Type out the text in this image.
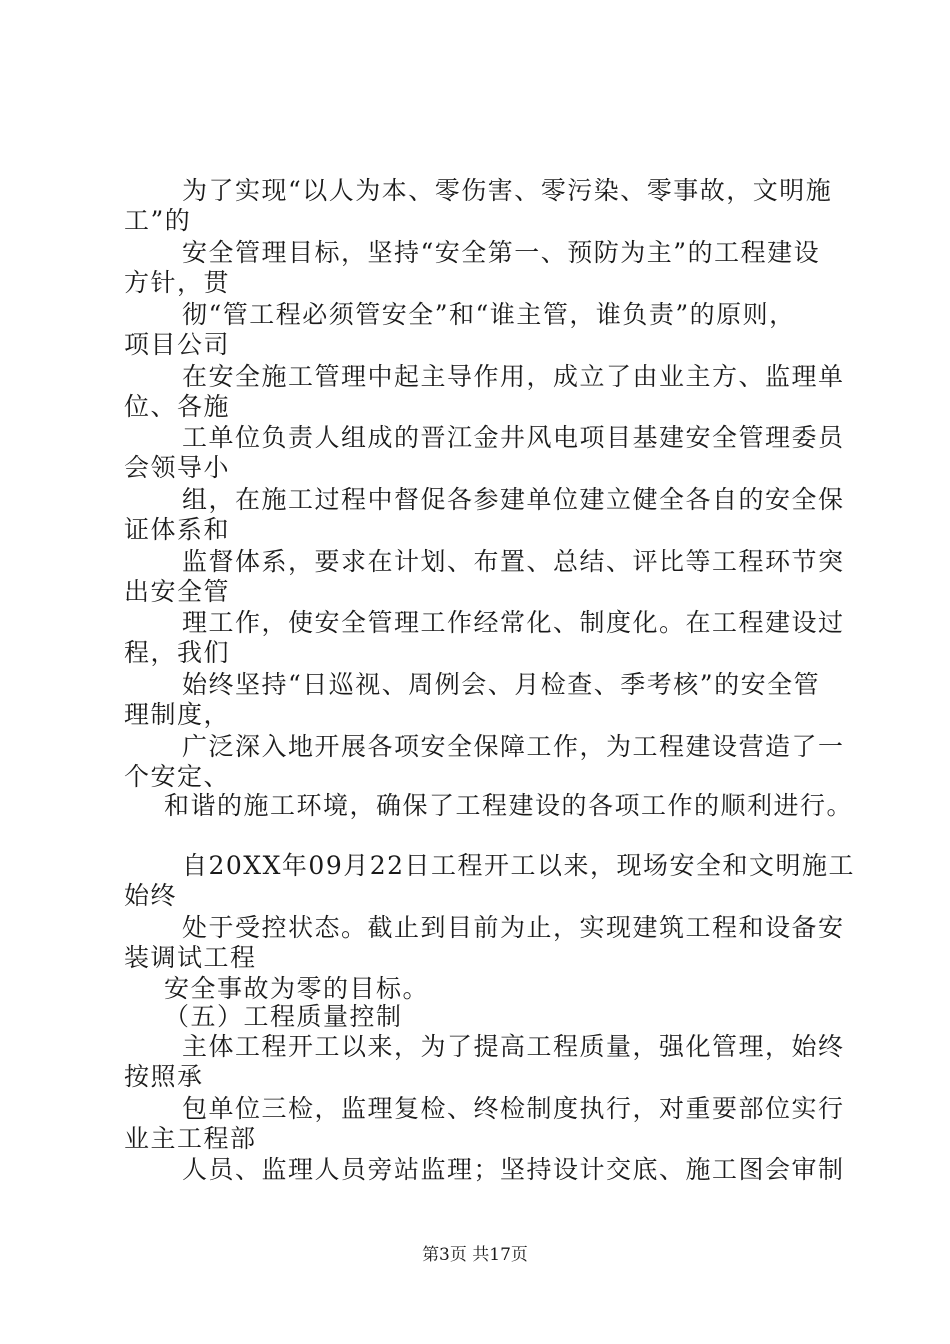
为了实现“以人为本、零伤害、零污染、零事故，文明施
工”的
安全管理目标，坚持“安全第一、预防为主”的工程建设
方针，贯
彻“管工程必须管安全”和“谁主管，谁负责”的原则，
项目公司
在安全施工管理中起主导作用，成立了由业主方、监理单
位、各施
工单位负责人组成的晋江金井风电项目基建安全管理委员
会领导小
组，在施工过程中督促各参建单位建立健全各自的安全保
证体系和
监督体系，要求在计划、布置、总结、评比等工程环节突
出安全管
理工作，使安全管理工作经常化、制度化。在工程建设过
程，我们
始终坚持“日巡视、周例会、月检查、季考核”的安全管
理制度，
广泛深入地开展各项安全保障工作，为工程建设营造了一
个安定、
和谐的施工环境，确保了工程建设的各项工作的顺利进行。
自20XX年09月22日工程开工以来，现场安全和文明施工
始终
处于受控状态。截止到目前为止，实现建筑工程和设备安
装调试工程
安全事故为零的目标。
（五）工程质量控制
主体工程开工以来，为了提高工程质量，强化管理，始终
按照承
包单位三检，监理复检、终检制度执行，对重要部位实行
业主工程部
人员、监理人员旁站监理；坚持设计交底、施工图会审制
第3页 共17页
